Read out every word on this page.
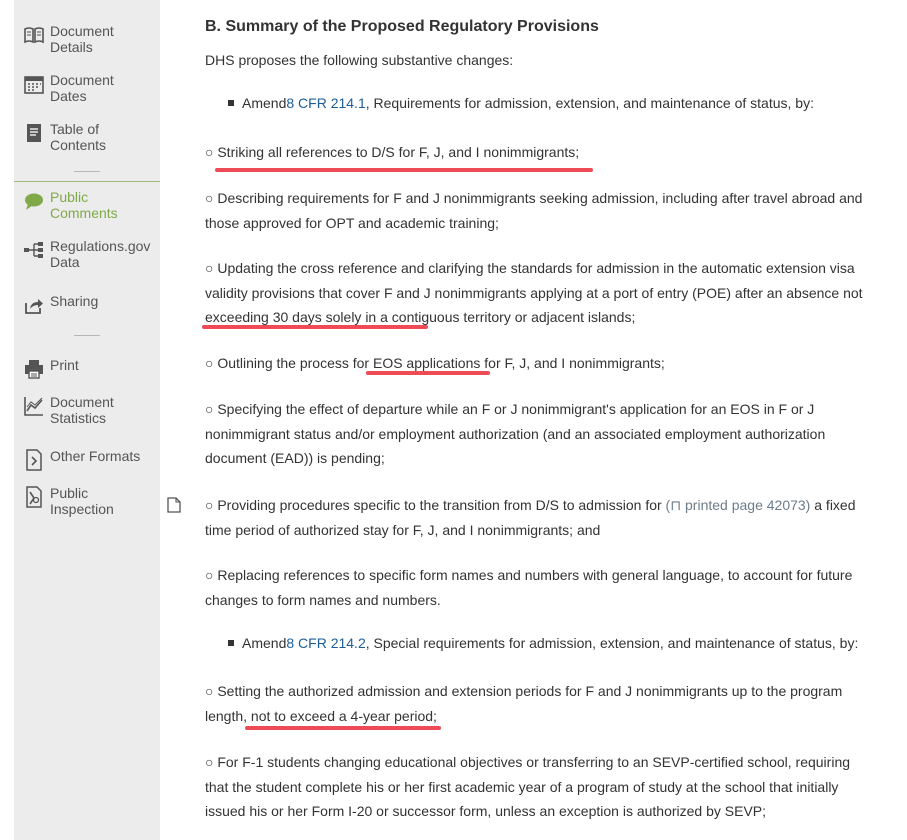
Document
Details
Document
Dates
Table of
Contents
Public
Comments
Regulations.gov
Data
Sharing
Print
Document
Statistics
Other Formats
Public
Inspection
B. Summary of the Proposed Regulatory Provisions
DHS proposes the following substantive changes:
Amend8 CFR 214.1, Requirements for admission, extension, and maintenance of status, by:
○ Striking all references to D/S for F, J, and I nonimmigrants;
○ Describing requirements for F and J nonimmigrants seeking admission, including after travel abroad and those approved for OPT and academic training;
○ Updating the cross reference and clarifying the standards for admission in the automatic extension visa validity provisions that cover F and J nonimmigrants applying at a port of entry (POE) after an absence not exceeding 30 days solely in a contiguous territory or adjacent islands;
○ Outlining the process for EOS applications for F, J, and I nonimmigrants;
○ Specifying the effect of departure while an F or J nonimmigrant's application for an EOS in F or J nonimmigrant status and/or employment authorization (and an associated employment authorization document (EAD)) is pending;
○ Providing procedures specific to the transition from D/S to admission for (⊓ printed page 42073) a fixed time period of authorized stay for F, J, and I nonimmigrants; and
○ Replacing references to specific form names and numbers with general language, to account for future changes to form names and numbers.
Amend8 CFR 214.2, Special requirements for admission, extension, and maintenance of status, by:
○ Setting the authorized admission and extension periods for F and J nonimmigrants up to the program length, not to exceed a 4-year period;
○ For F-1 students changing educational objectives or transferring to an SEVP-certified school, requiring that the student complete his or her first academic year of a program of study at the school that initially issued his or her Form I-20 or successor form, unless an exception is authorized by SEVP;
